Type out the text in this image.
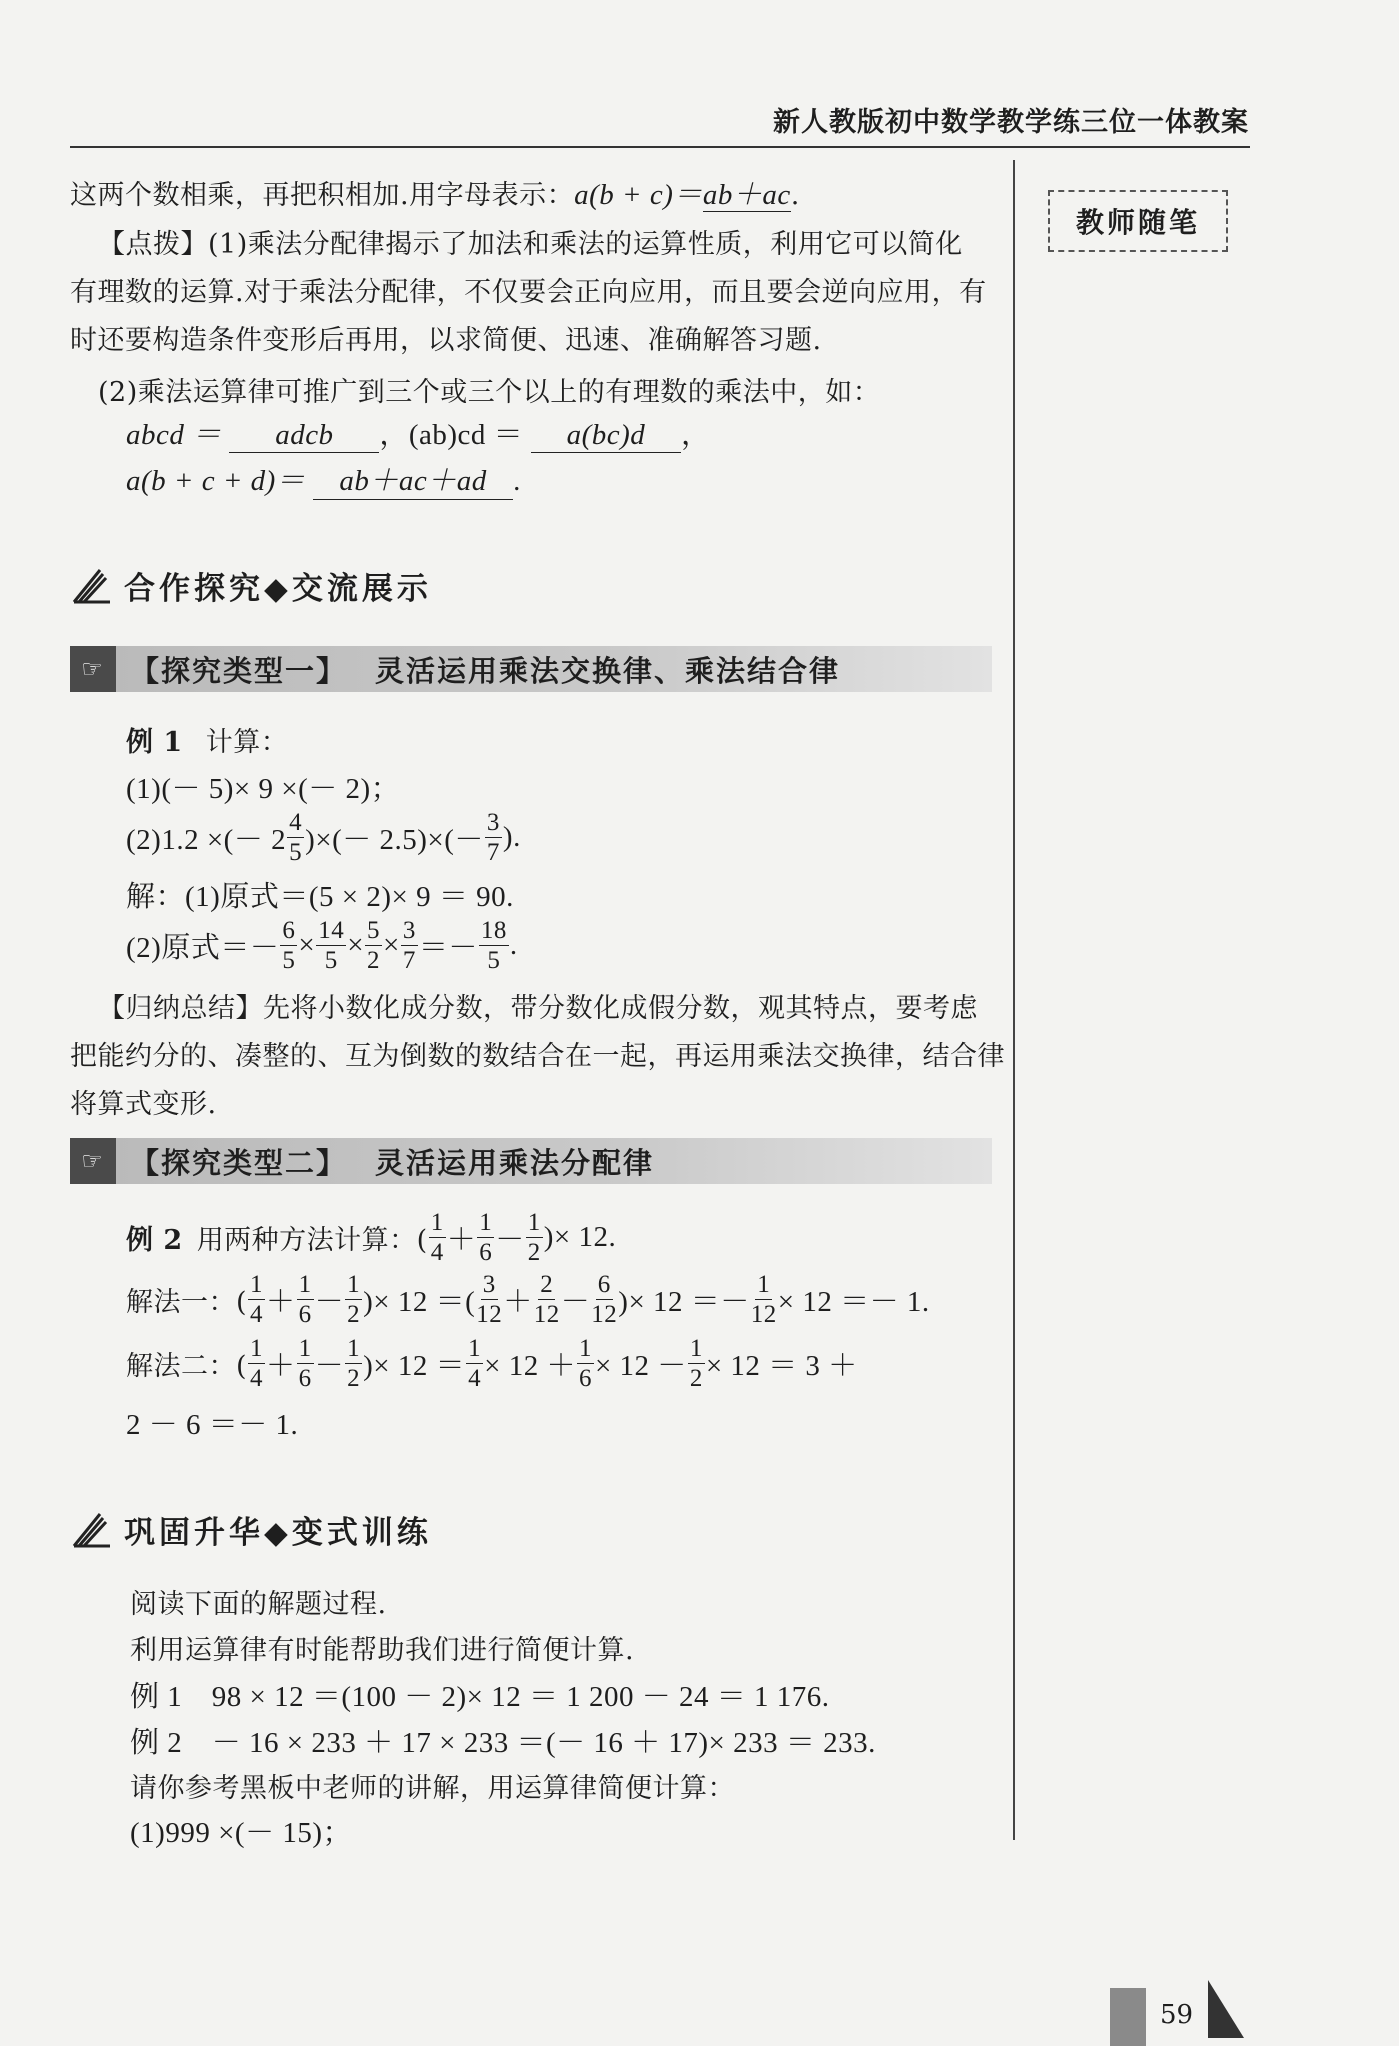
新人教版初中数学教学练三位一体教案
教师随笔
这两个数相乘，再把积相加.用字母表示：a(b + c)＝ab＋ac.
【点拨】(1)乘法分配律揭示了加法和乘法的运算性质，利用它可以简化
有理数的运算.对于乘法分配律，不仅要会正向应用，而且要会逆向应用，有
时还要构造条件变形后再用，以求简便、迅速、准确解答习题.
(2)乘法运算律可推广到三个或三个以上的有理数的乘法中，如：
abcd ＝ adcb ，(ab)cd ＝ a(bc)d ，
a(b + c + d)＝ ab＋ac＋ad .
合作探究◆交流展示
☞ 【探究类型一】 灵活运用乘法交换律、乘法结合律
例 1 计算：
(1)(－ 5)× 9 ×(－ 2)；
(2)1.2 ×(－ $2 \frac{4}{5}$ )×(－ $2.5)\times(- \frac{3}{7}$ ).
解：(1)原式＝(5 × 2)× 9 ＝ 90.
(2)原式＝－ $\frac{6}{5} \times \frac{14}{5} \times \frac{5}{2} \times \frac{3}{7} =- \frac{18}{5}$ .
【归纳总结】先将小数化成分数，带分数化成假分数，观其特点，要考虑
把能约分的、凑整的、互为倒数的数结合在一起，再运用乘法交换律，结合律
将算式变形.
☞ 【探究类型二】 灵活运用乘法分配律
例 2 用两种方法计算：( $\frac{1}{4} + \frac{1}{6} - \frac{1}{2}$ )× 12.
解法一：( $\frac{1}{4} + \frac{1}{6} - \frac{1}{2}$ )× 12 ＝( $\frac{3}{12} + \frac{2}{12} - \frac{6}{12}$ )× $12 =- \frac{1}{12} \times 12 =- 1$.
解法二：( $\frac{1}{4} + \frac{1}{6} - \frac{1}{2}$ )× $12 = \frac{1}{4} \times 12 + \frac{1}{6} \times 12 - \frac{1}{2} \times 12 = 3$ ＋
2 － 6 ＝－ 1.
巩固升华◆变式训练
阅读下面的解题过程.
利用运算律有时能帮助我们进行简便计算.
例 1　98 × 12 ＝(100 － 2)× 12 ＝ 1 200 － 24 ＝ 1 176.
例 2　－ 16 × 233 ＋ 17 × 233 ＝(－ 16 ＋ 17)× 233 ＝ 233.
请你参考黑板中老师的讲解，用运算律简便计算：
(1)999 ×(－ 15)；
59
